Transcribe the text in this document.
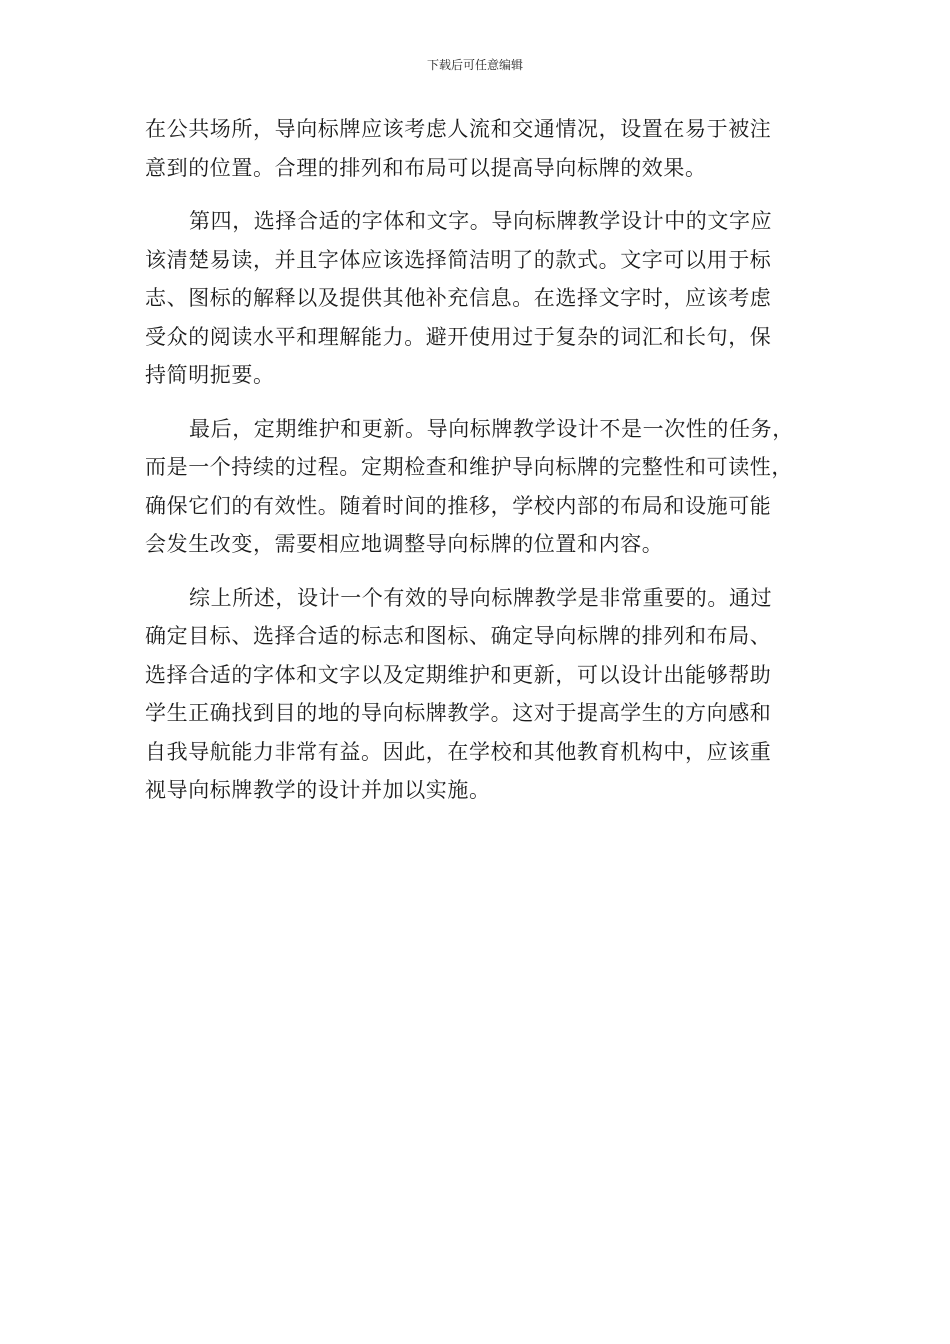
下载后可任意编辑

在公共场所，导向标牌应该考虑人流和交通情况，设置在易于被注
意到的位置。合理的排列和布局可以提高导向标牌的效果。

第四，选择合适的字体和文字。导向标牌教学设计中的文字应
该清楚易读，并且字体应该选择简洁明了的款式。文字可以用于标
志、图标的解释以及提供其他补充信息。在选择文字时，应该考虑
受众的阅读水平和理解能力。避开使用过于复杂的词汇和长句，保
持简明扼要。

最后，定期维护和更新。导向标牌教学设计不是一次性的任务，
而是一个持续的过程。定期检查和维护导向标牌的完整性和可读性，
确保它们的有效性。随着时间的推移，学校内部的布局和设施可能
会发生改变，需要相应地调整导向标牌的位置和内容。

综上所述，设计一个有效的导向标牌教学是非常重要的。通过
确定目标、选择合适的标志和图标、确定导向标牌的排列和布局、
选择合适的字体和文字以及定期维护和更新，可以设计出能够帮助
学生正确找到目的地的导向标牌教学。这对于提高学生的方向感和
自我导航能力非常有益。因此，在学校和其他教育机构中，应该重
视导向标牌教学的设计并加以实施。
